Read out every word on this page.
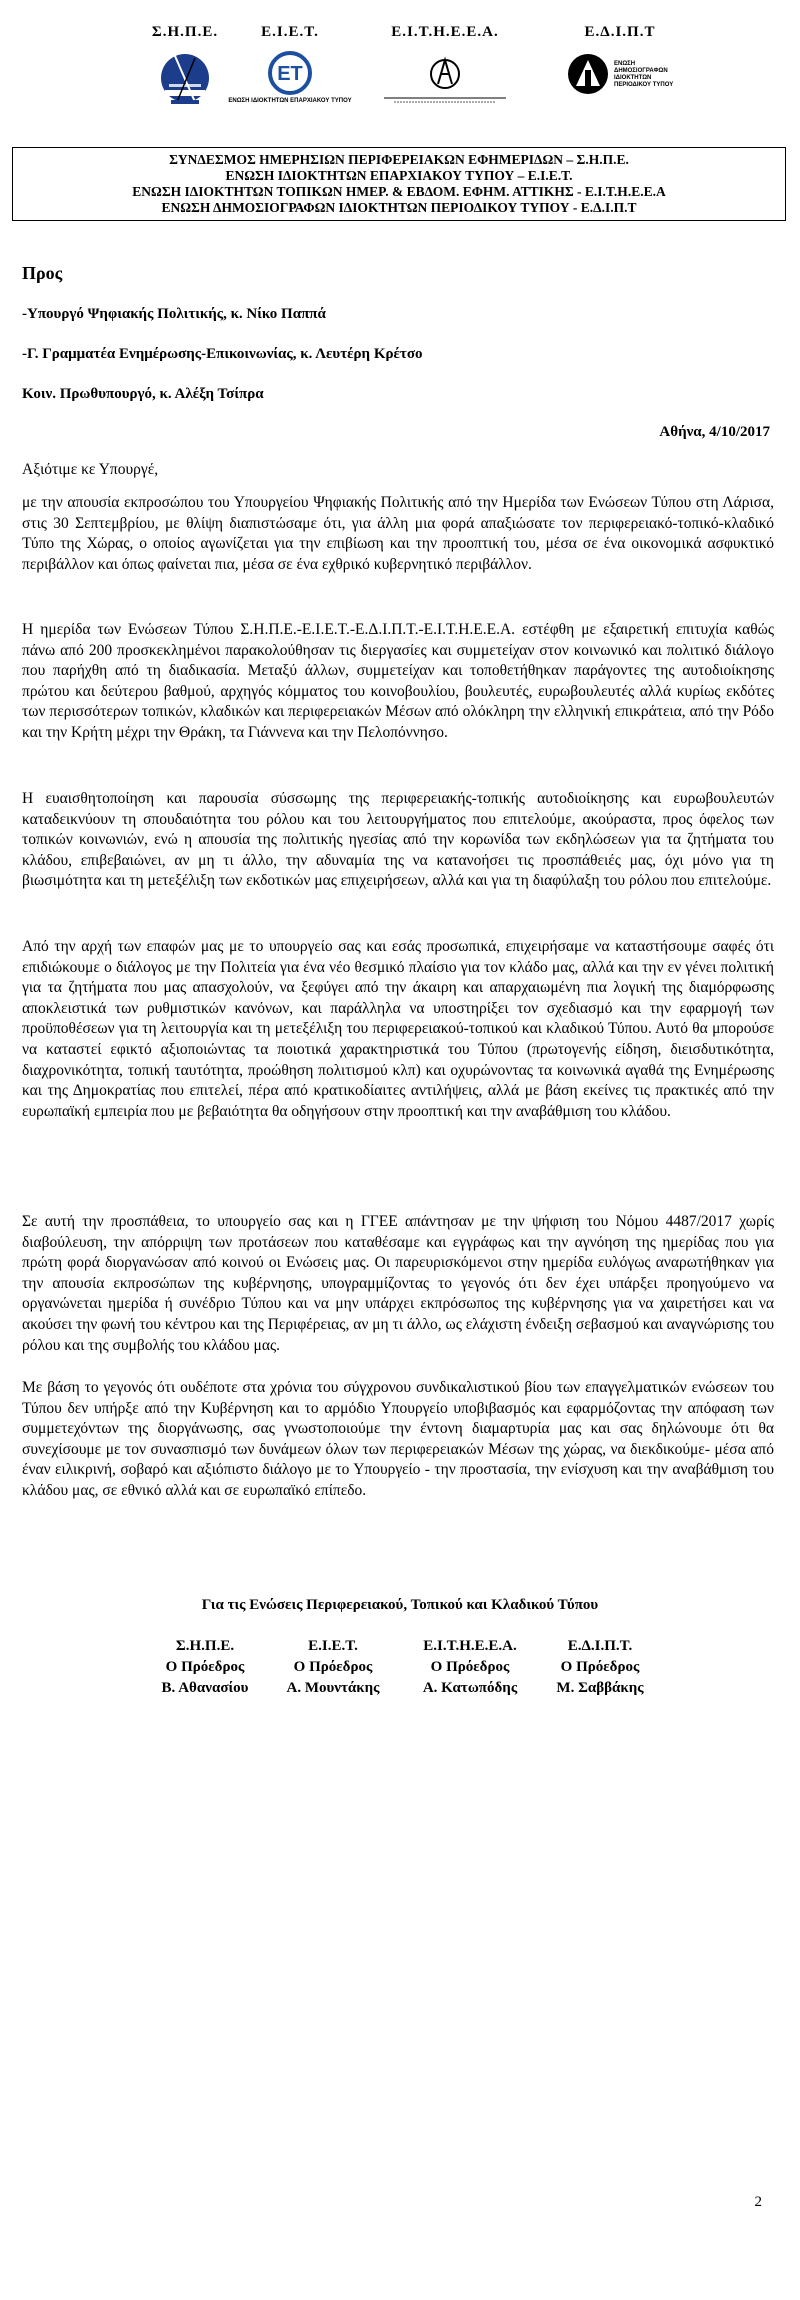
Σ.Η.Π.Ε.	Ε.Ι.Ε.Τ.
ΕΤ
ΕΝΩΣΗ ΙΔΙΟΚΤΗΤΩΝ ΕΠΑΡΧΙΑΚΟΥ ΤΥΠΟΥ
Ε.Ι.Τ.Η.Ε.Ε.Α.	Ε.Δ.Ι.Π.Τ
ΕΝΩΣΗ ΔΗΜΟΣΙΟΓΡΑΦΩΝ ΙΔΙΟΚΤΗΤΩΝ ΠΕΡΙΟΔΙΚΟΥ ΤΥΠΟΥ
ΣΥΝΔΕΣΜΟΣ ΗΜΕΡΗΣΙΩΝ ΠΕΡΙΦΕΡΕΙΑΚΩΝ ΕΦΗΜΕΡΙΔΩΝ – Σ.Η.Π.Ε.
ΕΝΩΣΗ ΙΔΙΟΚΤΗΤΩΝ ΕΠΑΡΧΙΑΚΟΥ ΤΥΠΟΥ – Ε.Ι.Ε.Τ.
ΕΝΩΣΗ ΙΔΙΟΚΤΗΤΩΝ ΤΟΠΙΚΩΝ ΗΜΕΡ. & ΕΒΔΟΜ. ΕΦΗΜ. ΑΤΤΙΚΗΣ - Ε.Ι.Τ.Η.Ε.Ε.Α
ΕΝΩΣΗ ΔΗΜΟΣΙΟΓΡΑΦΩΝ ΙΔΙΟΚΤΗΤΩΝ ΠΕΡΙΟΔΙΚΟΥ ΤΥΠΟΥ - Ε.Δ.Ι.Π.Τ
Προς
-Υπουργό Ψηφιακής Πολιτικής, κ. Νίκο Παππά
-Γ. Γραμματέα Ενημέρωσης-Επικοινωνίας, κ. Λευτέρη Κρέτσο
Κοιν. Πρωθυπουργό, κ. Αλέξη Τσίπρα
Αθήνα, 4/10/2017
Αξιότιμε κε Υπουργέ,
με την απουσία εκπροσώπου του Υπουργείου Ψηφιακής Πολιτικής από την Ημερίδα των Ενώσεων Τύπου στη Λάρισα, στις 30 Σεπτεμβρίου, με θλίψη διαπιστώσαμε ότι, για άλλη μια φορά απαξιώσατε τον περιφερειακό-τοπικό-κλαδικό Τύπο της Χώρας, ο οποίος αγωνίζεται για την επιβίωση και την προοπτική του, μέσα σε ένα οικονομικά ασφυκτικό περιβάλλον και όπως φαίνεται πια, μέσα σε ένα εχθρικό κυβερνητικό περιβάλλον.
Η ημερίδα των Ενώσεων Τύπου Σ.Η.Π.Ε.-Ε.Ι.Ε.Τ.-Ε.Δ.Ι.Π.Τ.-Ε.Ι.Τ.Η.Ε.Ε.Α. εστέφθη με εξαιρετική επιτυχία καθώς πάνω από 200 προσκεκλημένοι παρακολούθησαν τις διεργασίες και συμμετείχαν στον κοινωνικό και πολιτικό διάλογο που παρήχθη από τη διαδικασία. Μεταξύ άλλων, συμμετείχαν και τοποθετήθηκαν παράγοντες της αυτοδιοίκησης πρώτου και δεύτερου βαθμού, αρχηγός κόμματος του κοινοβουλίου, βουλευτές, ευρωβουλευτές αλλά κυρίως εκδότες των περισσότερων τοπικών, κλαδικών και περιφερειακών Μέσων από ολόκληρη την ελληνική επικράτεια, από την Ρόδο και την Κρήτη μέχρι την Θράκη, τα Γιάννενα και την Πελοπόννησο.
Η ευαισθητοποίηση και παρουσία σύσσωμης της περιφερειακής-τοπικής αυτοδιοίκησης και ευρωβουλευτών καταδεικνύουν τη σπουδαιότητα του ρόλου και του λειτουργήματος που επιτελούμε, ακούραστα, προς όφελος των τοπικών κοινωνιών, ενώ η απουσία της πολιτικής ηγεσίας από την κορωνίδα των εκδηλώσεων για τα ζητήματα του κλάδου, επιβεβαιώνει, αν μη τι άλλο, την αδυναμία της να κατανοήσει τις προσπάθειές μας, όχι μόνο για τη βιωσιμότητα και τη μετεξέλιξη των εκδοτικών μας επιχειρήσεων, αλλά και για τη διαφύλαξη του ρόλου που επιτελούμε.
Από την αρχή των επαφών μας με το υπουργείο σας και εσάς προσωπικά, επιχειρήσαμε να καταστήσουμε σαφές ότι επιδιώκουμε ο διάλογος με την Πολιτεία για ένα νέο θεσμικό πλαίσιο για τον κλάδο μας, αλλά και την εν γένει πολιτική για τα ζητήματα που μας απασχολούν, να ξεφύγει από την άκαιρη και απαρχαιωμένη πια λογική της διαμόρφωσης αποκλειστικά των ρυθμιστικών κανόνων, και παράλληλα να υποστηρίξει τον σχεδιασμό και την εφαρμογή των προϋποθέσεων για τη λειτουργία και τη μετεξέλιξη του περιφερειακού-τοπικού και κλαδικού Τύπου. Αυτό θα μπορούσε να καταστεί εφικτό αξιοποιώντας τα ποιοτικά χαρακτηριστικά του Τύπου (πρωτογενής είδηση, διεισδυτικότητα, διαχρονικότητα, τοπική ταυτότητα, προώθηση πολιτισμού κλπ) και οχυρώνοντας τα κοινωνικά αγαθά της Ενημέρωσης και της Δημοκρατίας που επιτελεί, πέρα από κρατικοδίαιτες αντιλήψεις, αλλά με βάση εκείνες τις πρακτικές από την ευρωπαϊκή εμπειρία που με βεβαιότητα θα οδηγήσουν στην προοπτική και την αναβάθμιση του κλάδου.
Σε αυτή την προσπάθεια, το υπουργείο σας και η ΓΓΕΕ απάντησαν με την ψήφιση του Νόμου 4487/2017 χωρίς διαβούλευση, την απόρριψη των προτάσεων που καταθέσαμε και εγγράφως και την αγνόηση της ημερίδας που για πρώτη φορά διοργανώσαν από κοινού οι Ενώσεις μας. Οι παρευρισκόμενοι στην ημερίδα ευλόγως αναρωτήθηκαν για την απουσία εκπροσώπων της κυβέρνησης, υπογραμμίζοντας το γεγονός ότι δεν έχει υπάρξει προηγούμενο να οργανώνεται ημερίδα ή συνέδριο Τύπου και να μην υπάρχει εκπρόσωπος της κυβέρνησης για να χαιρετήσει και να ακούσει την φωνή του κέντρου και της Περιφέρειας, αν μη τι άλλο, ως ελάχιστη ένδειξη σεβασμού και αναγνώρισης του ρόλου και της συμβολής του κλάδου μας.
Με βάση το γεγονός ότι ουδέποτε στα χρόνια του σύγχρονου συνδικαλιστικού βίου των επαγγελματικών ενώσεων του Τύπου δεν υπήρξε από την Κυβέρνηση και το αρμόδιο Υπουργείο υποβιβασμός και εφαρμόζοντας την απόφαση των συμμετεχόντων της διοργάνωσης, σας γνωστοποιούμε την έντονη διαμαρτυρία μας και σας δηλώνουμε ότι θα συνεχίσουμε με τον συνασπισμό των δυνάμεων όλων των περιφερειακών Μέσων της χώρας, να διεκδικούμε- μέσα από έναν ειλικρινή, σοβαρό και αξιόπιστο διάλογο με το Υπουργείο - την προστασία, την ενίσχυση και την αναβάθμιση του κλάδου μας, σε εθνικό αλλά και σε ευρωπαϊκό επίπεδο.
Για τις Ενώσεις Περιφερειακού, Τοπικού και Κλαδικού Τύπου
Σ.Η.Π.Ε.
Ο Πρόεδρος
Β. Αθανασίου
Ε.Ι.Ε.Τ.
Ο Πρόεδρος
Α. Μουντάκης
Ε.Ι.Τ.Η.Ε.Ε.Α.
Ο Πρόεδρος
Α. Κατωπόδης
Ε.Δ.Ι.Π.Τ.
Ο Πρόεδρος
Μ. Σαββάκης
2
